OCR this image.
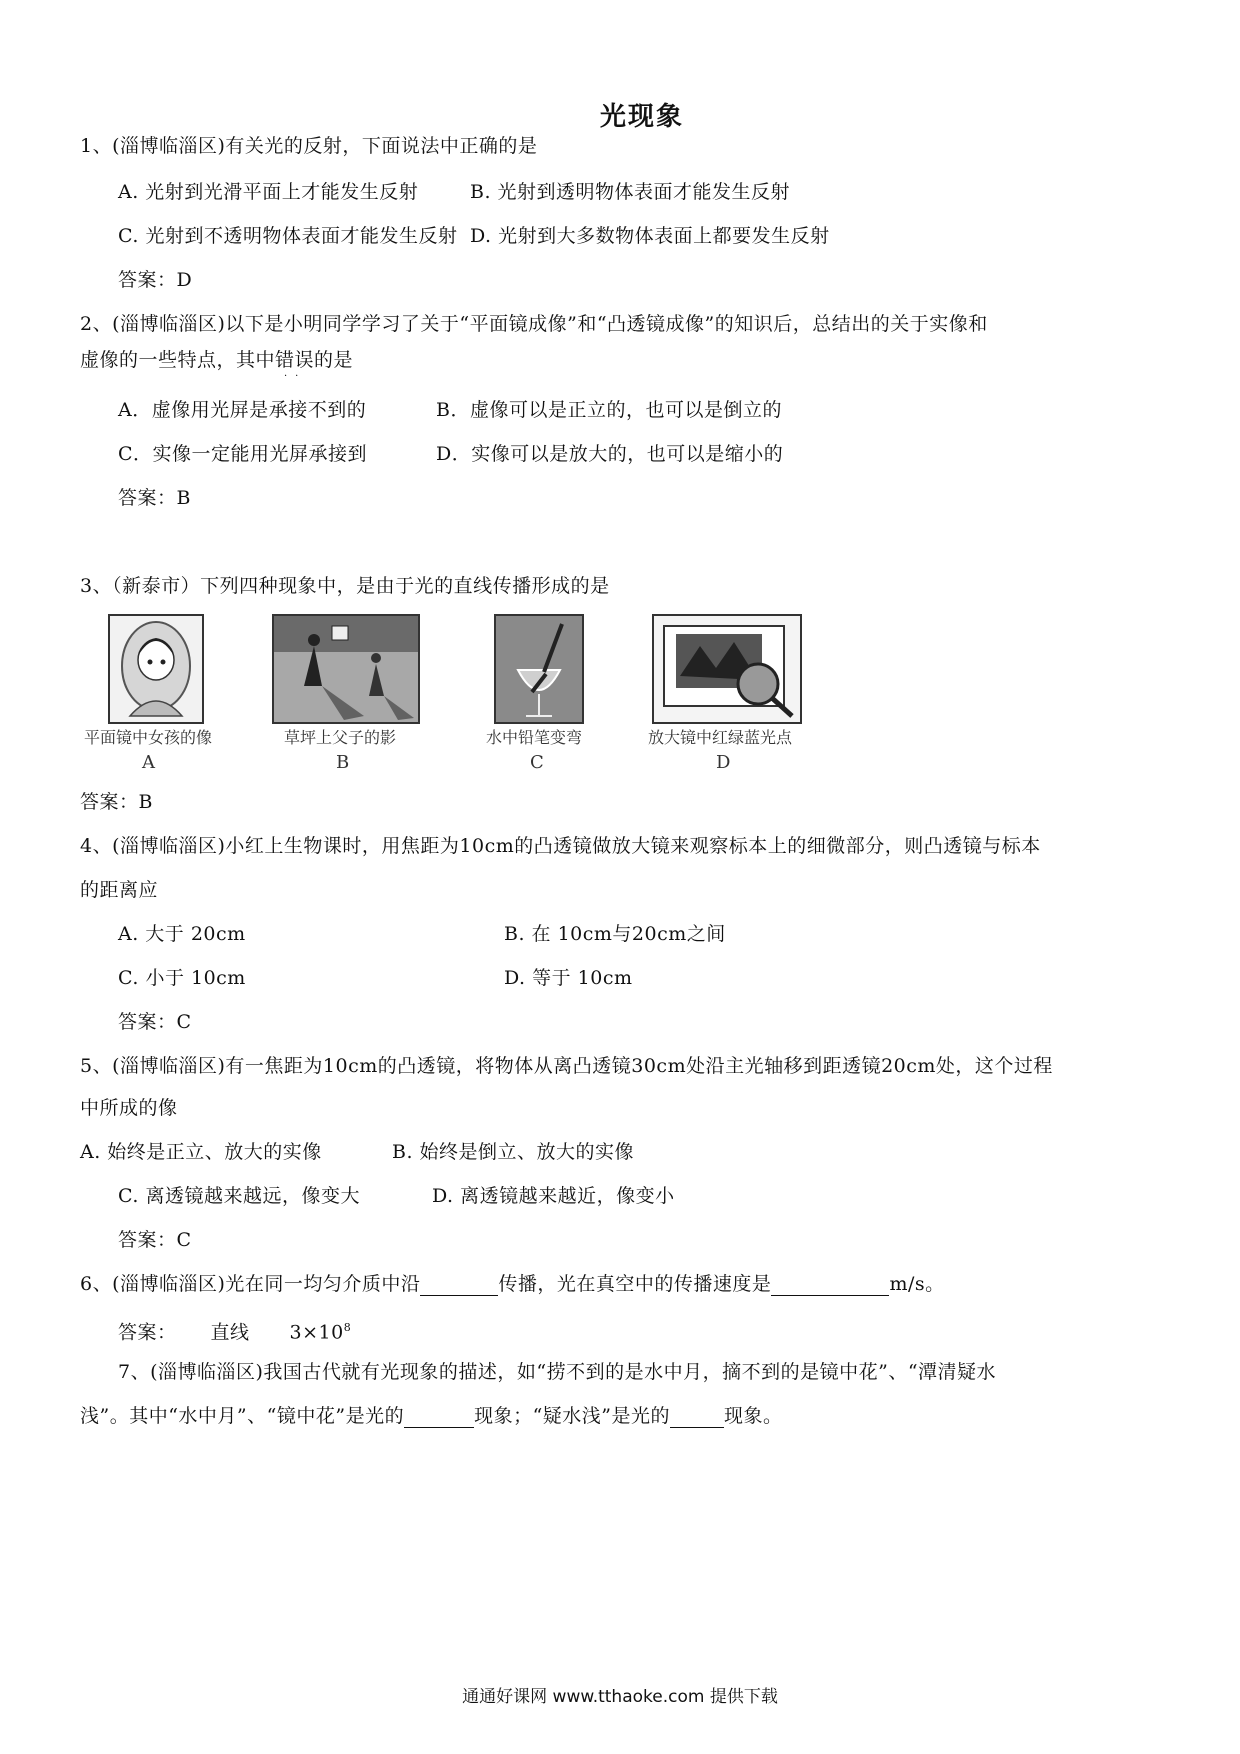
光现象
1、(淄博临淄区)有关光的反射，下面说法中正确的是
A. 光射到光滑平面上才能发生反射	B. 光射到透明物体表面才能发生反射
C. 光射到不透明物体表面才能发生反射 D. 光射到大多数物体表面上都要发生反射
答案：D
2、(淄博临淄区)以下是小明同学学习了关于“平面镜成像”和“凸透镜成像”的知识后，总结出的关于实像和
虚像的一些特点，其中错误的是
··
A．虚像用光屏是承接不到的	B．虚像可以是正立的，也可以是倒立的
C．实像一定能用光屏承接到	D．实像可以是放大的，也可以是缩小的
答案：B
3、（新泰市）下列四种现象中，是由于光的直线传播形成的是
平面镜中女孩的像	草坪上父子的影	水中铅笔变弯	放大镜中红绿蓝光点
A	B	C	D
答案：B
4、(淄博临淄区)小红上生物课时，用焦距为10cm的凸透镜做放大镜来观察标本上的细微部分，则凸透镜与标本
的距离应
A. 大于 20cm	B. 在 10cm与20cm之间
C. 小于 10cm	D. 等于 10cm
答案：C
5、(淄博临淄区)有一焦距为10cm的凸透镜，将物体从离凸透镜30cm处沿主光轴移到距透镜20cm处，这个过程
中所成的像
A. 始终是正立、放大的实像	B. 始终是倒立、放大的实像
C. 离透镜越来越远，像变大	D. 离透镜越来越近，像变小
答案：C
6、(淄博临淄区)光在同一均匀介质中沿	传播，光在真空中的传播速度是	m/s。
答案： 直线 $3\times 10^8$
7、(淄博临淄区)我国古代就有光现象的描述，如“捞不到的是水中月，摘不到的是镜中花”、“潭清疑水
浅”。其中“水中月”、“镜中花”是光的	现象；“疑水浅”是光的	现象。
通通好课网 www.tthaoke.com 提供下载
